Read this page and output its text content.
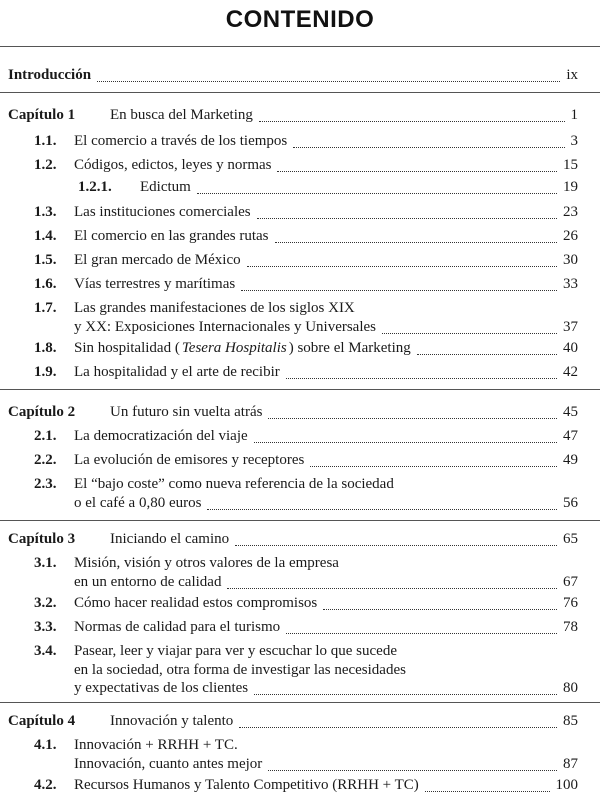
CONTENIDO
Introducción	ix
Capítulo 1 En busca del Marketing	1
1.1. El comercio a través de los tiempos	3
1.2. Códigos, edictos, leyes y normas	15
1.2.1. Edictum	19
1.3. Las instituciones comerciales	23
1.4. El comercio en las grandes rutas	26
1.5. El gran mercado de México	30
1.6. Vías terrestres y marítimas	33
1.7. Las grandes manifestaciones de los siglos XIX
y XX: Exposiciones Internacionales y Universales	37
1.8. Sin hospitalidad ( Tesera Hospitalis ) sobre el Marketing	40
1.9. La hospitalidad y el arte de recibir	42
Capítulo 2 Un futuro sin vuelta atrás	45
2.1. La democratización del viaje	47
2.2. La evolución de emisores y receptores	49
2.3. El “bajo coste” como nueva referencia de la sociedad
o el café a 0,80 euros	56
Capítulo 3 Iniciando el camino	65
3.1. Misión, visión y otros valores de la empresa
en un entorno de calidad	67
3.2. Cómo hacer realidad estos compromisos	76
3.3. Normas de calidad para el turismo	78
3.4. Pasear, leer y viajar para ver y escuchar lo que sucede
en la sociedad, otra forma de investigar las necesidades
y expectativas de los clientes	80
Capítulo 4 Innovación y talento	85
4.1. Innovación + RRHH + TC.
Innovación, cuanto antes mejor	87
4.2. Recursos Humanos y Talento Competitivo (RRHH + TC)	100
